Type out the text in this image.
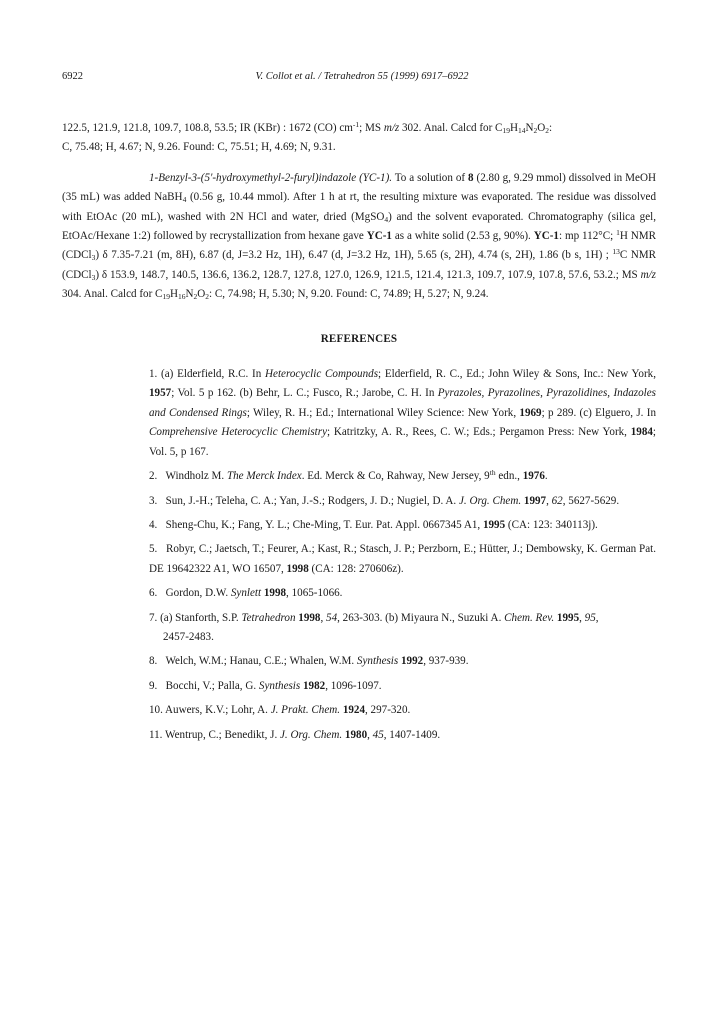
6922	V. Collot et al. / Tetrahedron 55 (1999) 6917–6922

122.5, 121.9, 121.8, 109.7, 108.8, 53.5; IR (KBr) : 1672 (CO) $cm^{-1}$; MS m/z 302. Anal. Calcd for $C_{19}H_{14}N_2O_2$:
C, 75.48; H, 4.67; N, 9.26. Found: C, 75.51; H, 4.69; N, 9.31.

1-Benzyl-3-(5'-hydroxymethyl-2-furyl)indazole (YC-1). To a solution of 8 (2.80 g, 9.29 mmol) dissolved in MeOH (35 mL) was added NaBH$_4$ (0.56 g, 10.44 mmol). After 1 h at rt, the resulting mixture was evaporated. The residue was dissolved with EtOAc (20 mL), washed with 2N HCl and water, dried (MgSO$_4$) and the solvent evaporated. Chromatography (silica gel, EtOAc/Hexane 1:2) followed by recrystallization from hexane gave YC-1 as a white solid (2.53 g, 90%). YC-1: mp 112°C; $^1$H NMR (CDCl$_3$) δ 7.35-7.21 (m, 8H), 6.87 (d, J=3.2 Hz, 1H), 6.47 (d, J=3.2 Hz, 1H), 5.65 (s, 2H), 4.74 (s, 2H), 1.86 (b s, 1H) ; $^{13}$C NMR (CDCl$_3$) δ 153.9, 148.7, 140.5, 136.6, 136.2, 128.7, 127.8, 127.0, 126.9, 121.5, 121.4, 121.3, 109.7, 107.9, 107.8, 57.6, 53.2.; MS m/z 304. Anal. Calcd for $C_{19}H_{16}N_2O_2$: C, 74.98; H, 5.30; N, 9.20. Found: C, 74.89; H, 5.27; N, 9.24.

REFERENCES

1. (a) Elderfield, R.C. In Heterocyclic Compounds; Elderfield, R. C., Ed.; John Wiley & Sons, Inc.: New York, 1957; Vol. 5 p 162. (b) Behr, L. C.; Fusco, R.; Jarobe, C. H. In Pyrazoles, Pyrazolines, Pyrazolidines, Indazoles and Condensed Rings; Wiley, R. H.; Ed.; International Wiley Science: New York, 1969; p 289. (c) Elguero, J. In Comprehensive Heterocyclic Chemistry; Katritzky, A. R., Rees, C. W.; Eds.; Pergamon Press: New York, 1984; Vol. 5, p 167.

2.   Windholz M. The Merck Index. Ed. Merck & Co, Rahway, New Jersey, 9th edn., 1976.

3.   Sun, J.-H.; Teleha, C. A.; Yan, J.-S.; Rodgers, J. D.; Nugiel, D. A. J. Org. Chem. 1997, 62, 5627-5629.

4.   Sheng-Chu, K.; Fang, Y. L.; Che-Ming, T. Eur. Pat. Appl. 0667345 A1, 1995 (CA: 123: 340113j).

5.   Robyr, C.; Jaetsch, T.; Feurer, A.; Kast, R.; Stasch, J. P.; Perzborn, E.; Hütter, J.; Dembowsky, K. German Pat. DE 19642322 A1, WO 16507, 1998 (CA: 128: 270606z).

6.   Gordon, D.W. Synlett 1998, 1065-1066.

7. (a) Stanforth, S.P. Tetrahedron 1998, 54, 263-303. (b) Miyaura N., Suzuki A. Chem. Rev. 1995, 95,
2457-2483.

8.   Welch, W.M.; Hanau, C.E.; Whalen, W.M. Synthesis 1992, 937-939.

9.   Bocchi, V.; Palla, G. Synthesis 1982, 1096-1097.

10. Auwers, K.V.; Lohr, A. J. Prakt. Chem. 1924, 297-320.

11. Wentrup, C.; Benedikt, J. J. Org. Chem. 1980, 45, 1407-1409.
